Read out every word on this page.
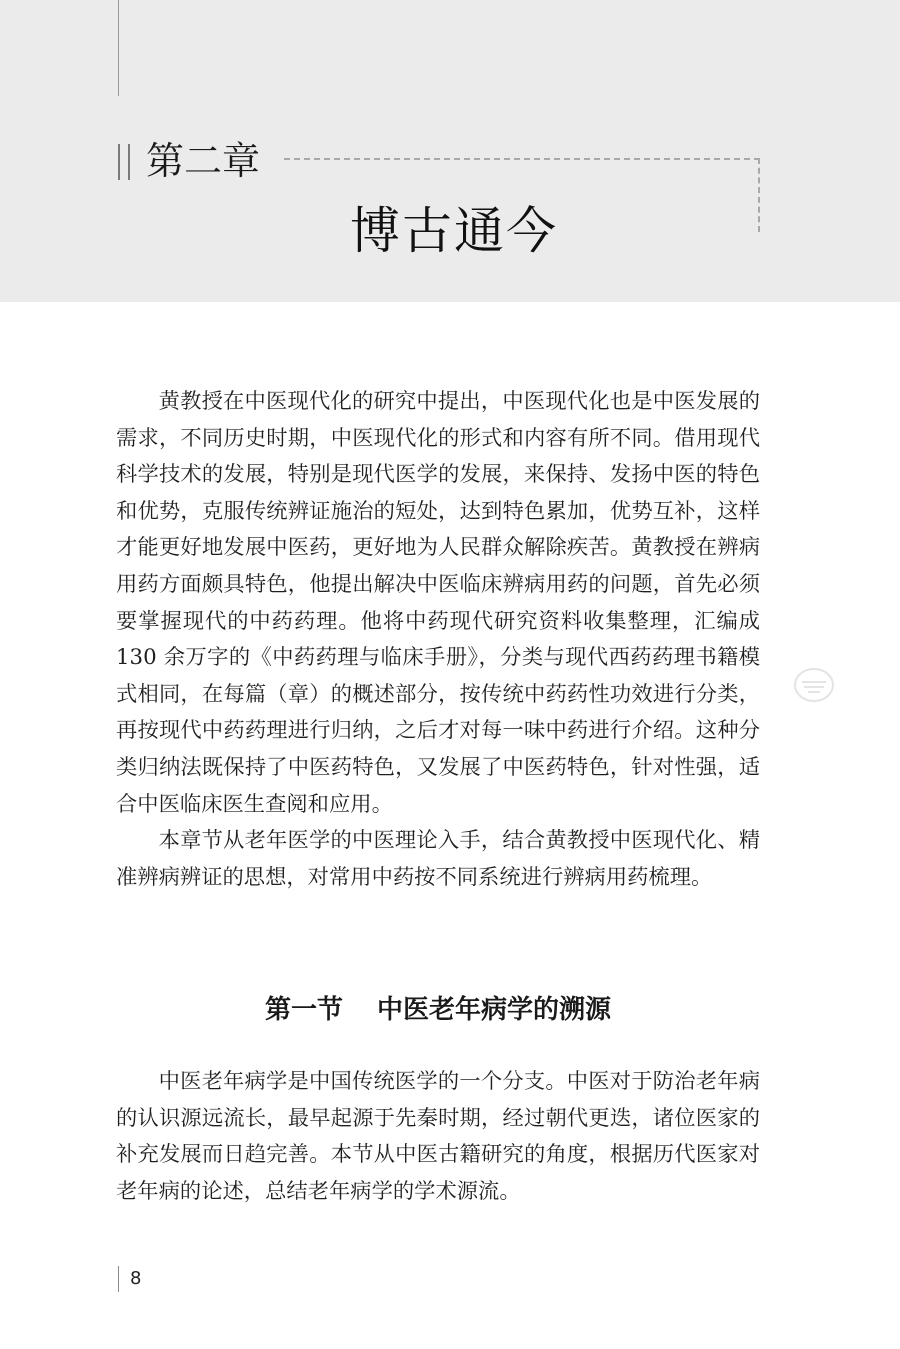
第二章
博古通今

黄教授在中医现代化的研究中提出，中医现代化也是中医发展的需求，不同历史时期，中医现代化的形式和内容有所不同。借用现代科学技术的发展，特别是现代医学的发展，来保持、发扬中医的特色和优势，克服传统辨证施治的短处，达到特色累加，优势互补，这样才能更好地发展中医药，更好地为人民群众解除疾苦。黄教授在辨病用药方面颇具特色，他提出解决中医临床辨病用药的问题，首先必须要掌握现代的中药药理。他将中药现代研究资料收集整理，汇编成 130 余万字的《中药药理与临床手册》，分类与现代西药药理书籍模式相同，在每篇（章）的概述部分，按传统中药药性功效进行分类，再按现代中药药理进行归纳，之后才对每一味中药进行介绍。这种分类归纳法既保持了中医药特色，又发展了中医药特色，针对性强，适合中医临床医生查阅和应用。

本章节从老年医学的中医理论入手，结合黄教授中医现代化、精准辨病辨证的思想，对常用中药按不同系统进行辨病用药梳理。

第一节 中医老年病学的溯源

中医老年病学是中国传统医学的一个分支。中医对于防治老年病的认识源远流长，最早起源于先秦时期，经过朝代更迭，诸位医家的补充发展而日趋完善。本节从中医古籍研究的角度，根据历代医家对老年病的论述，总结老年病学的学术源流。

8
